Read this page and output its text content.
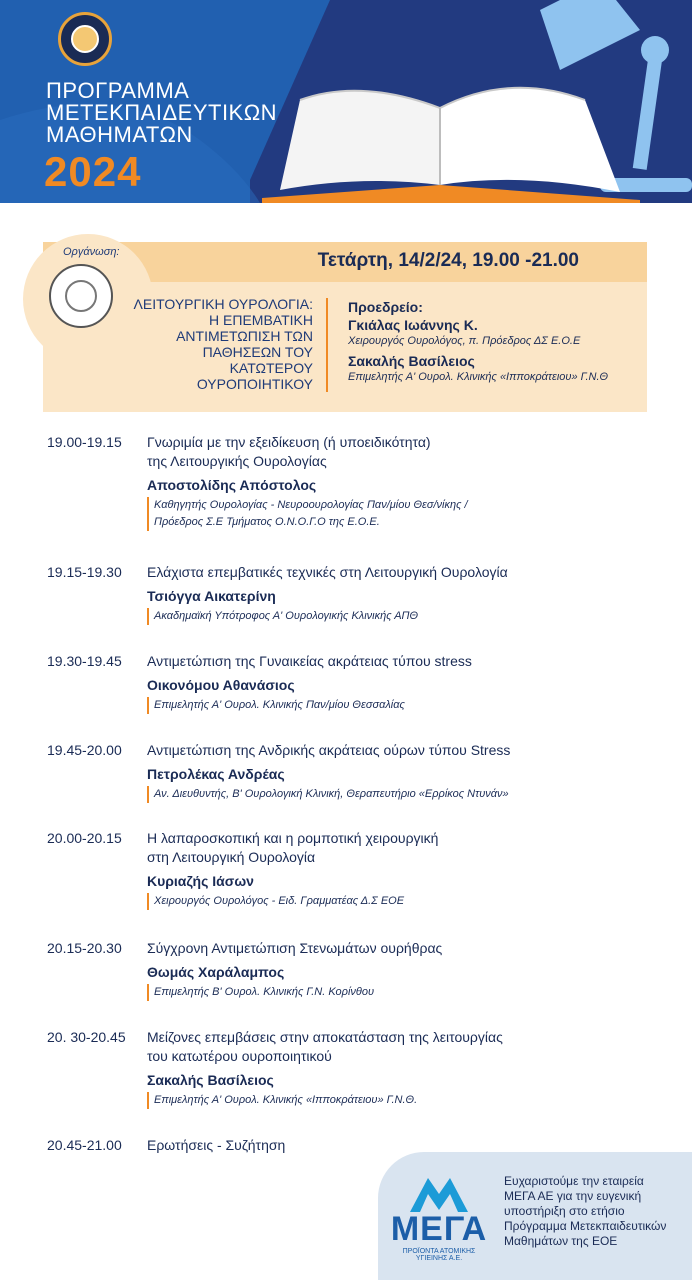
ΠΡΟΓΡΑΜΜΑ
ΜΕΤΕΚΠΑΙΔΕΥΤΙΚΩΝ
ΜΑΘΗΜΑΤΩΝ
2024
Οργάνωση:	Τετάρτη, 14/2/24, 19.00 -21.00
ΛΕΙΤΟΥΡΓΙΚΗ ΟΥΡΟΛΟΓΙΑ:
Η ΕΠΕΜΒΑΤΙΚΗ
ΑΝΤΙΜΕΤΩΠΙΣΗ ΤΩΝ
ΠΑΘΗΣΕΩΝ ΤΟΥ ΚΑΤΩΤΕΡΟΥ
ΟΥΡΟΠΟΙΗΤΙΚΟΥ
Προεδρείο:
Γκιάλας Ιωάννης Κ.
Χειρουργός Ουρολόγος, π. Πρόεδρος ΔΣ Ε.Ο.Ε
Σακαλής Βασίλειος
Επιμελητής Α' Ουρολ. Κλινικής «Ιπποκράτειου» Γ.Ν.Θ
19.00-19.15	Γνωριμία με την εξειδίκευση (ή υποειδικότητα)
της Λειτουργικής Ουρολογίας
Αποστολίδης Απόστολος
Καθηγητής Ουρολογίας - Νευροουρολογίας Παν/μίου Θεσ/νίκης /
Πρόεδρος Σ.Ε Τμήματος Ο.Ν.Ο.Γ.Ο της Ε.Ο.Ε.
19.15-19.30	Ελάχιστα επεμβατικές τεχνικές στη Λειτουργική Ουρολογία
Τσιόγγα Αικατερίνη
Ακαδημαϊκή Υπότροφος Α' Ουρολογικής Κλινικής ΑΠΘ
19.30-19.45	Αντιμετώπιση της Γυναικείας ακράτειας τύπου stress
Οικονόμου Αθανάσιος
Επιμελητής Α' Ουρολ. Κλινικής Παν/μίου Θεσσαλίας
19.45-20.00	Αντιμετώπιση της Ανδρικής ακράτειας ούρων τύπου Stress
Πετρολέκας Ανδρέας
Αν. Διευθυντής, Β' Ουρολογική Κλινική, Θεραπευτήριο «Ερρίκος Ντυνάν»
20.00-20.15	Η λαπαροσκοπική και η ρομποτική χειρουργική
στη Λειτουργική Ουρολογία
Κυριαζής Ιάσων
Χειρουργός Ουρολόγος - Ειδ. Γραμματέας Δ.Σ ΕΟΕ
20.15-20.30	Σύγχρονη Αντιμετώπιση Στενωμάτων ουρήθρας
Θωμάς Χαράλαμπος
Επιμελητής Β' Ουρολ. Κλινικής Γ.Ν. Κορίνθου
20. 30-20.45	Μείζονες επεμβάσεις στην αποκατάσταση της λειτουργίας
του κατωτέρου ουροποιητικού
Σακαλής Βασίλειος
Επιμελητής Α' Ουρολ. Κλινικής «Ιπποκράτειου» Γ.Ν.Θ.
20.45-21.00	Ερωτήσεις - Συζήτηση
ΜΕΓΑ
ΠΡΟΪΟΝΤΑ ΑΤΟΜΙΚΗΣ ΥΓΙΕΙΝΗΣ Α.Ε.
Ευχαριστούμε την εταιρεία
ΜΕΓΑ ΑΕ για την ευγενική
υποστήριξη στο ετήσιο
Πρόγραμμα Μετεκπαιδευτικών
Μαθημάτων της ΕΟΕ
